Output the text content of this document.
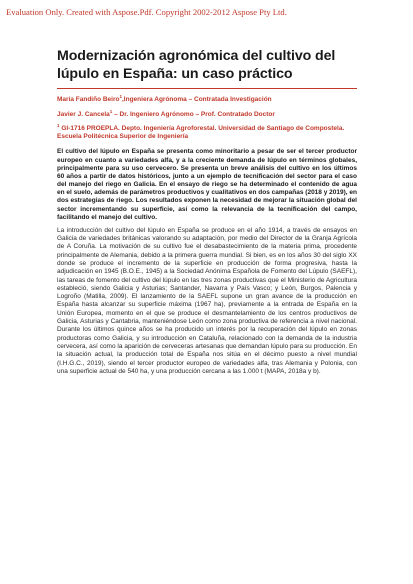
Evaluation Only. Created with Aspose.Pdf. Copyright 2002-2012 Aspose Pty Ltd.
Modernización agronómica del cultivo del lúpulo en España: un caso práctico

María Fandiño Beiro$^1$,Ingeniera Agrónoma – Contratada Investigación

Javier J. Cancela$^1$ – Dr. Ingeniero Agrónomo – Prof. Contratado Doctor

$^1$ GI-1716 PROEPLA. Depto. Ingeniería Agroforestal. Universidad de Santiago de Compostela. Escuela Politécnica Superior de Ingeniería

El cultivo del lúpulo en España se presenta como minoritario a pesar de ser el tercer productor europeo en cuanto a variedades alfa, y a la creciente demanda de lúpulo en términos globales, principalmente para su uso cervecero. Se presenta un breve análisis del cultivo en los últimos 60 años a partir de datos históricos, junto a un ejemplo de tecnificación del sector para el caso del manejo del riego en Galicia. En el ensayo de riego se ha determinado el contenido de agua en el suelo, además de parámetros productivos y cualitativos en dos campañas (2018 y 2019), en dos estrategias de riego. Los resultados exponen la necesidad de mejorar la situación global del sector incrementando su superficie, así como la relevancia de la tecnificación del campo, facilitando el manejo del cultivo.

La introducción del cultivo del lúpulo en España se produce en el año 1914, a través de ensayos en Galicia de variedades británicas valorando su adaptación, por medio del Director de la Granja Agrícola de A Coruña. La motivación de su cultivo fue el desabastecimiento de la materia prima, procedente principalmente de Alemania, debido a la primera guerra mundial. Si bien, es en los años 30 del siglo XX donde se produce el incremento de la superficie en producción de forma progresiva, hasta la adjudicación en 1945 (B.O.E., 1945) a la Sociedad Anónima Española de Fomento del Lúpulo (SAEFL), las tareas de fomento del cultivo del lúpulo en las tres zonas productivas que el Ministerio de Agricultura estableció, siendo Galicia y Asturias; Santander, Navarra y País Vasco; y León, Burgos, Palencia y Logroño (Matilla, 2009). El lanzamiento de la SAEFL supone un gran avance de la producción en España hasta alcanzar su superficie máxima (1967 ha), previamente a la entrada de España en la Unión Europea, momento en el que se produce el desmantelamiento de los centros productivos de Galicia, Asturias y Cantabria, manteniéndose León como zona productiva de referencia a nivel nacional. Durante los últimos quince años se ha producido un interés por la recuperación del lúpulo en zonas productoras como Galicia, y su introducción en Cataluña, relacionado con la demanda de la industria cervecera, así como la aparición de cerveceras artesanas que demandan lúpulo para su producción. En la situación actual, la producción total de España nos sitúa en el décimo puesto a nivel mundial (I.H.G.C., 2019), siendo el tercer productor europeo de variedades alfa, tras Alemania y Polonia, con una superficie actual de 540 ha, y una producción cercana a las 1.000 t (MAPA, 2018a y b).
